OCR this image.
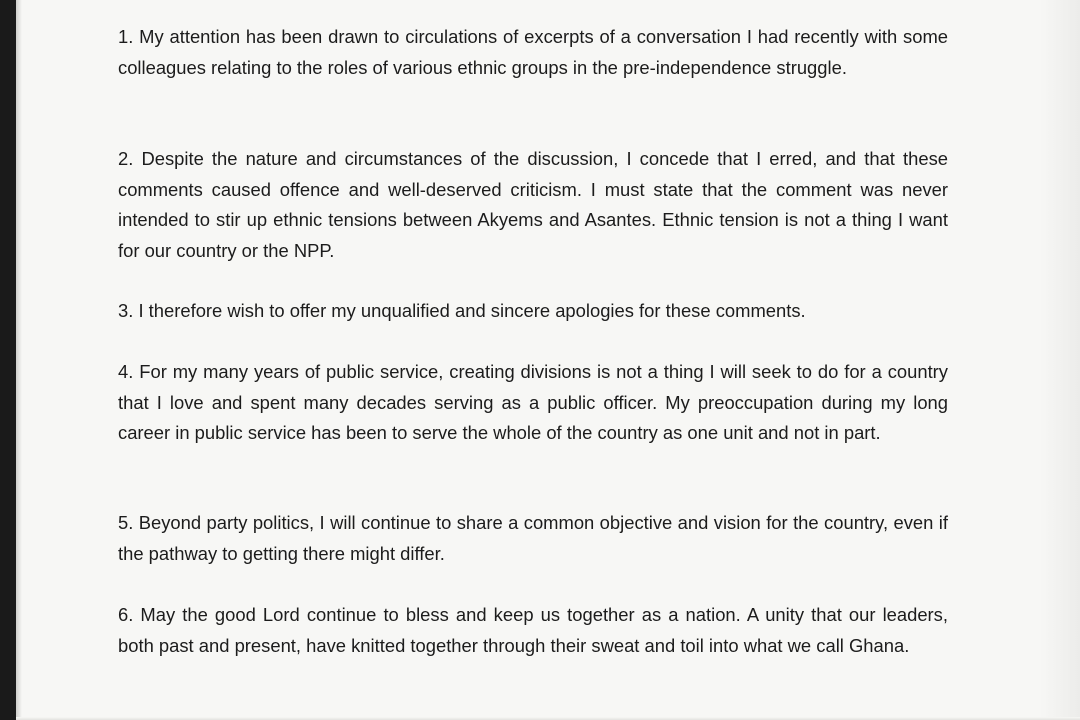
1. My attention has been drawn to circulations of excerpts of a conversation I had recently with some colleagues relating to the roles of various ethnic groups in the pre-independence struggle.

2. Despite the nature and circumstances of the discussion, I concede that I erred, and that these comments caused offence and well-deserved criticism. I must state that the comment was never intended to stir up ethnic tensions between Akyems and Asantes. Ethnic tension is not a thing I want for our country or the NPP.

3. I therefore wish to offer my unqualified and sincere apologies for these comments.

4. For my many years of public service, creating divisions is not a thing I will seek to do for a country that I love and spent many decades serving as a public officer. My preoccupation during my long career in public service has been to serve the whole of the country as one unit and not in part.

5. Beyond party politics, I will continue to share a common objective and vision for the country, even if the pathway to getting there might differ.

6. May the good Lord continue to bless and keep us together as a nation. A unity that our leaders, both past and present, have knitted together through their sweat and toil into what we call Ghana.
